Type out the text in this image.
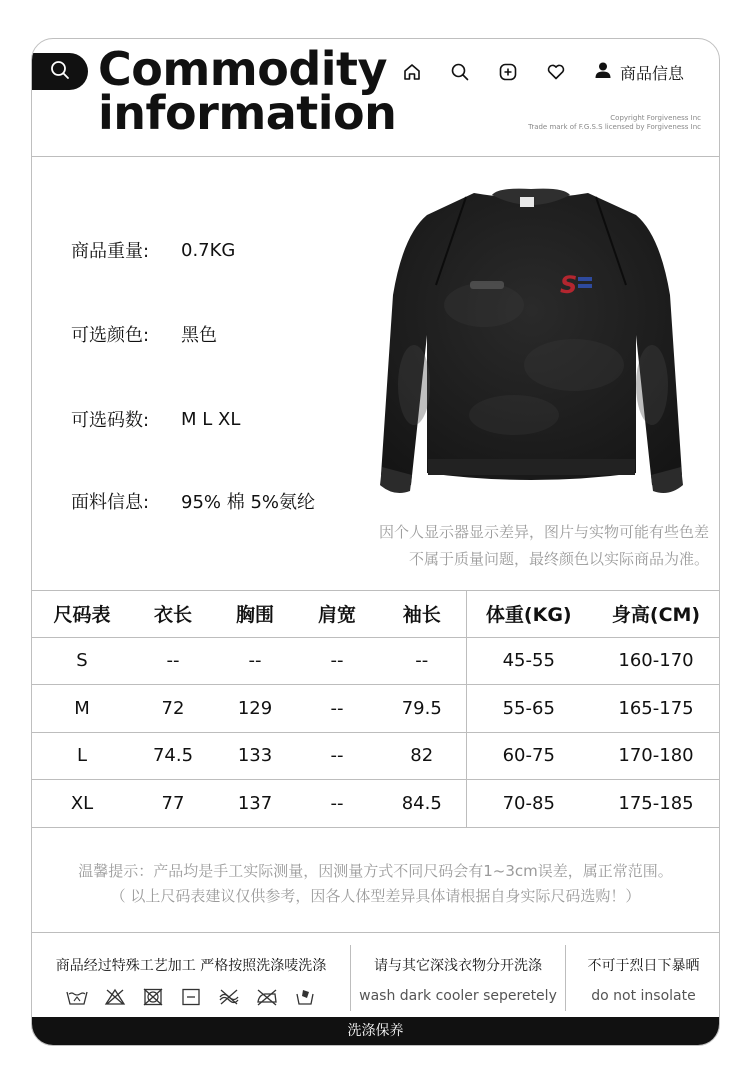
Commodity
information
商品信息
Copyright Forgiveness Inc
Trade mark of F.G.S.S licensed by Forgiveness Inc
商品重量:	0.7KG
可选颜色:	黑色
可选码数:	M L XL
面料信息:	95% 棉 5%氨纶
S
因个人显示器显示差异，图片与实物可能有些色差
不属于质量问题，最终颜色以实际商品为准。
尺码表	衣长	胸围	肩宽	袖长	体重(KG)	身高(CM)
S	--	--	--	--	45-55	160-170
M	72	129	--	79.5	55-65	165-175
L	74.5	133	--	82	60-75	170-180
XL	77	137	--	84.5	70-85	175-185

温馨提示：产品均是手工实际测量，因测量方式不同尺码会有1~3cm误差，属正常范围。

（ 以上尺码表建议仅供参考，因各人体型差异具体请根据自身实际尺码选购！）

商品经过特殊工艺加工 严格按照洗涤唛洗涤	请与其它深浅衣物分开洗涤
wash dark cooler seperetely
不可于烈日下暴晒
do not insolate
洗涤保养
